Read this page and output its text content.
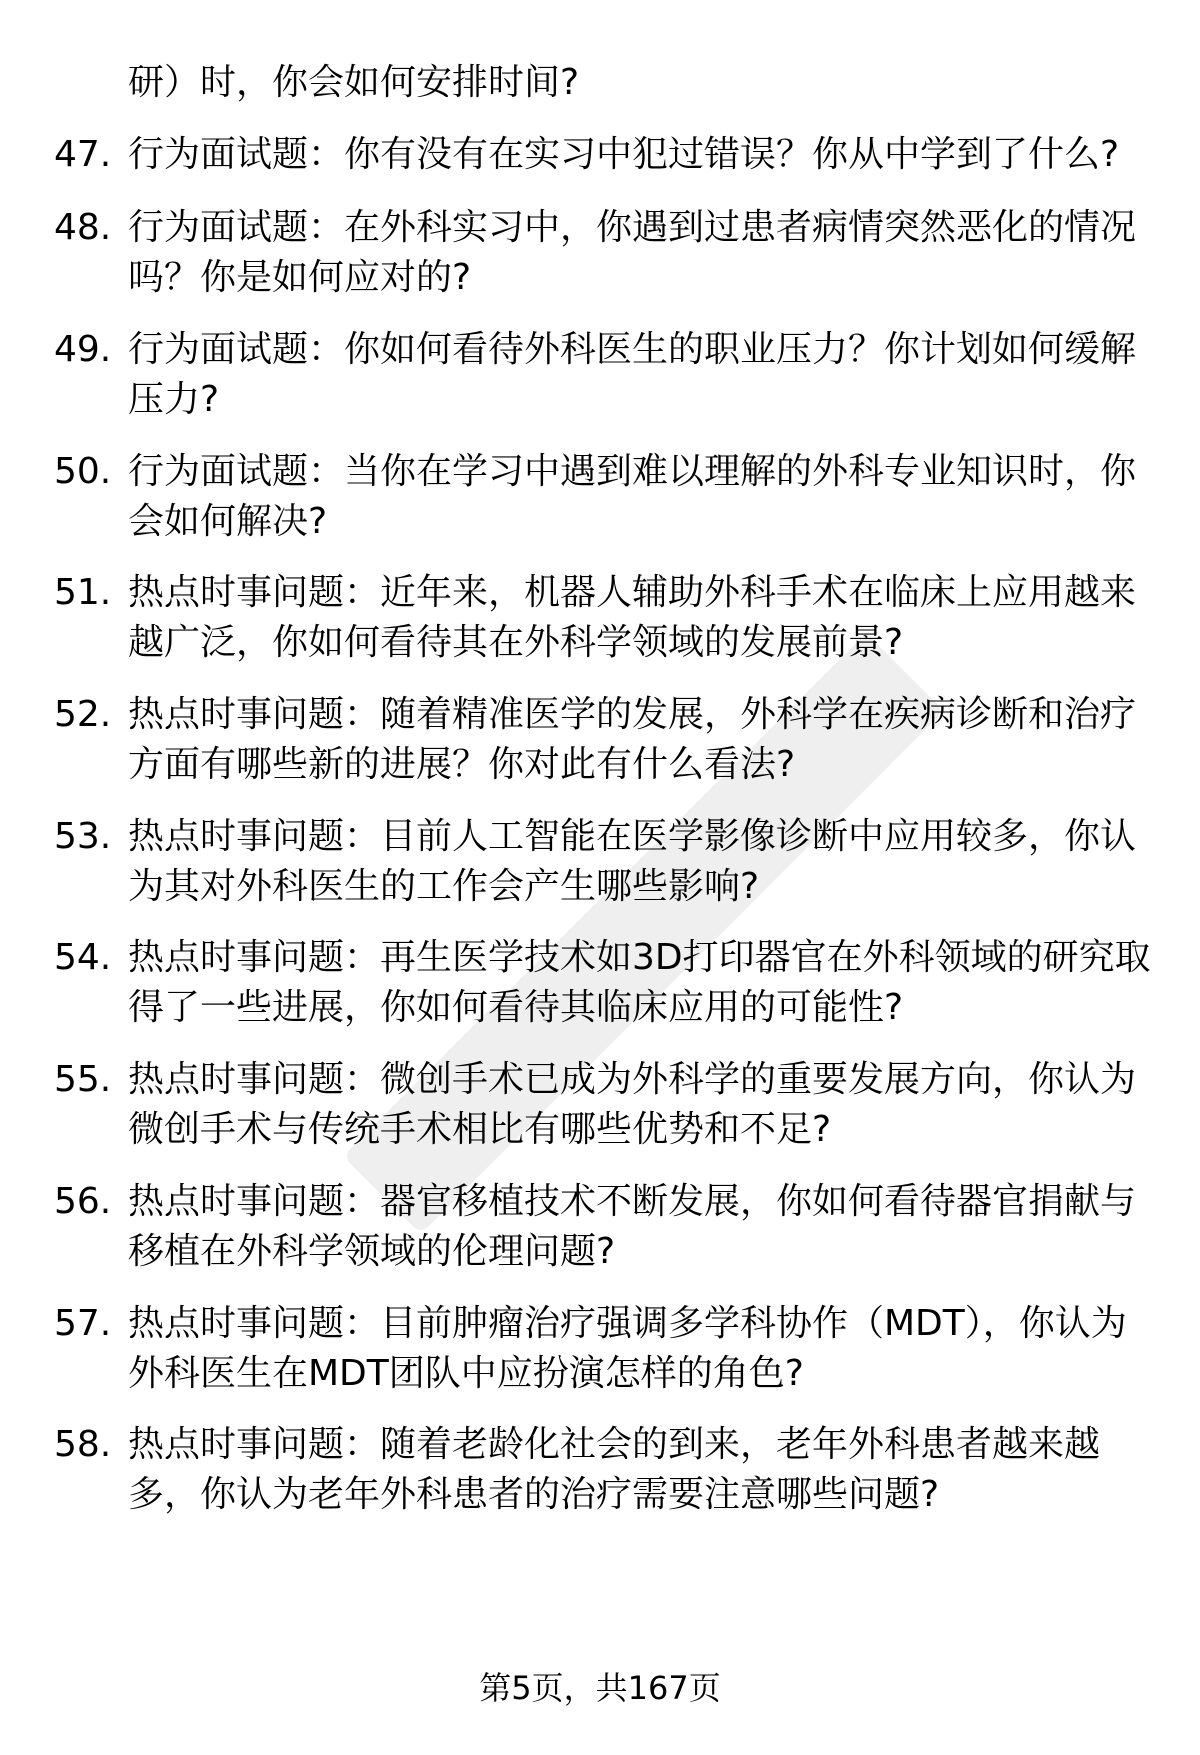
研）时，你会如何安排时间?
47. 行为面试题：你有没有在实习中犯过错误？你从中学到了什么?
48. 行为面试题：在外科实习中，你遇到过患者病情突然恶化的情况
吗？你是如何应对的?
49. 行为面试题：你如何看待外科医生的职业压力？你计划如何缓解
压力?
50. 行为面试题：当你在学习中遇到难以理解的外科专业知识时，你
会如何解决?
51. 热点时事问题：近年来，机器人辅助外科手术在临床上应用越来
越广泛，你如何看待其在外科学领域的发展前景?
52. 热点时事问题：随着精准医学的发展，外科学在疾病诊断和治疗
方面有哪些新的进展？你对此有什么看法?
53. 热点时事问题：目前人工智能在医学影像诊断中应用较多，你认
为其对外科医生的工作会产生哪些影响?
54. 热点时事问题：再生医学技术如3D打印器官在外科领域的研究取
得了一些进展，你如何看待其临床应用的可能性?
55. 热点时事问题：微创手术已成为外科学的重要发展方向，你认为
微创手术与传统手术相比有哪些优势和不足?
56. 热点时事问题：器官移植技术不断发展，你如何看待器官捐献与
移植在外科学领域的伦理问题?
57. 热点时事问题：目前肿瘤治疗强调多学科协作（MDT），你认为
外科医生在MDT团队中应扮演怎样的角色?
58. 热点时事问题：随着老龄化社会的到来，老年外科患者越来越
多，你认为老年外科患者的治疗需要注意哪些问题?
第5页，共167页
